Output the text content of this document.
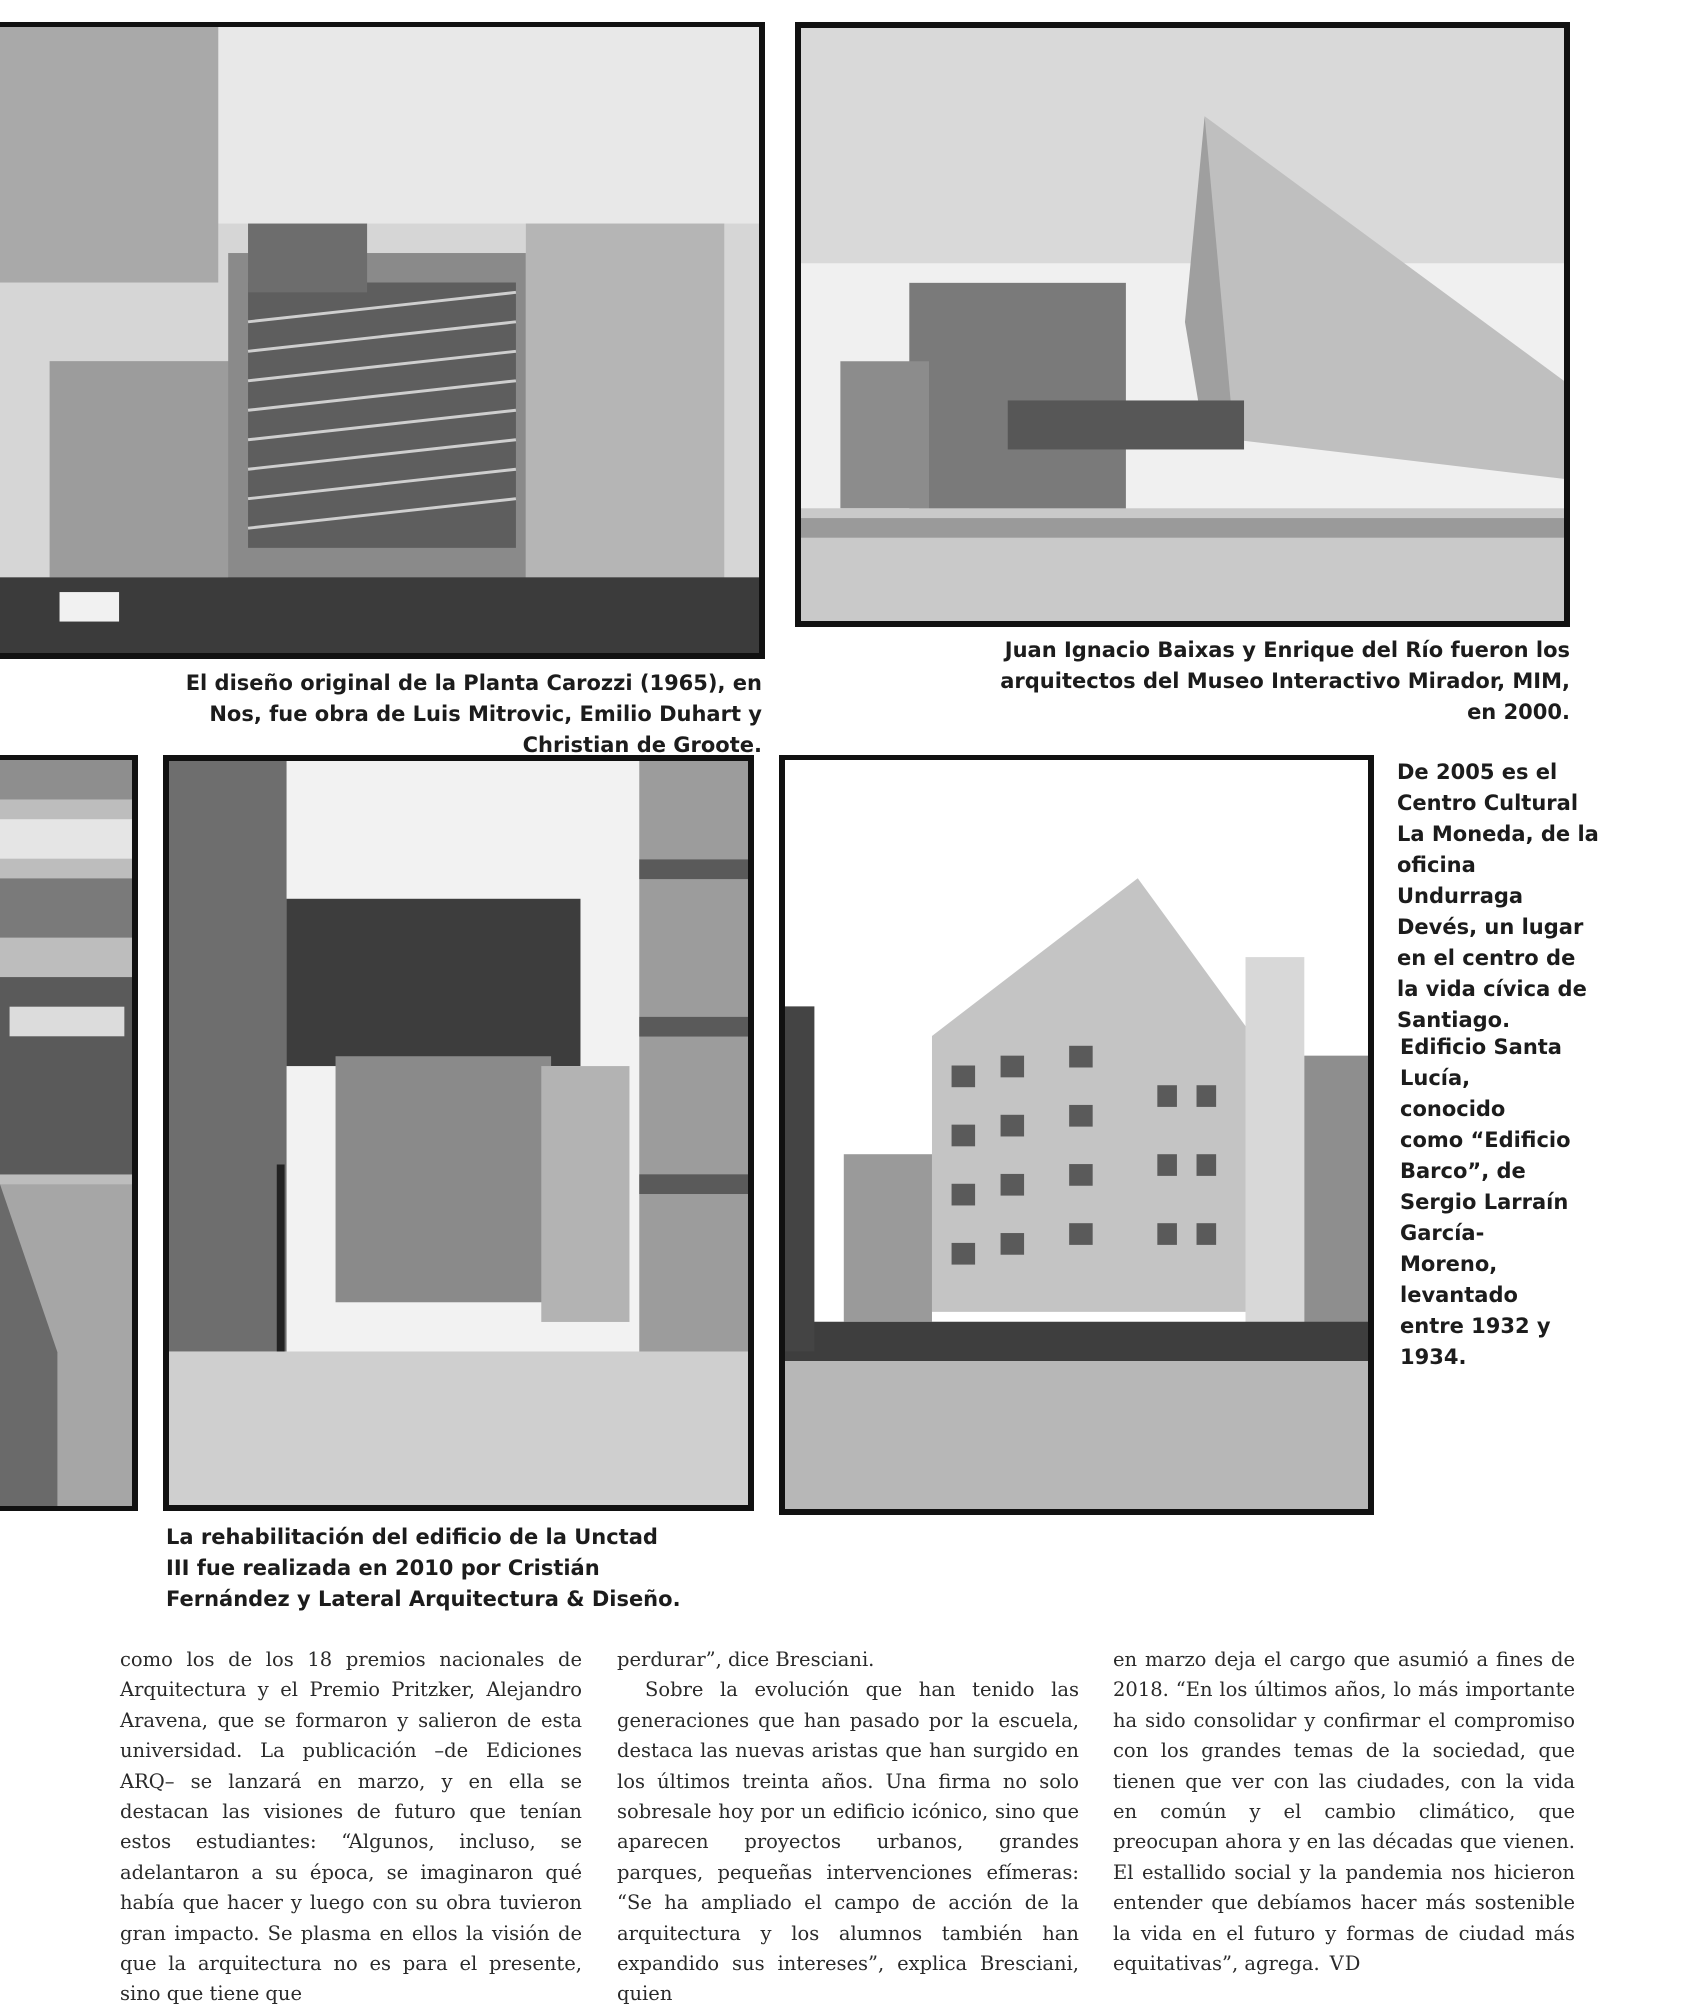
El diseño original de la Planta Carozzi (1965), en Nos, fue obra de Luis Mitrovic, Emilio Duhart y Christian de Groote.
Juan Ignacio Baixas y Enrique del Río fueron los arquitectos del Museo Interactivo Mirador, MIM, en 2000.
De 2005 es el Centro Cultural La Moneda, de la oficina Undurraga Devés, un lugar en el centro de la vida cívica de Santiago.
Edificio Santa Lucía, conocido como “Edificio Barco”, de Sergio Larraín García-Moreno, levantado entre 1932 y 1934.
La rehabilitación del edificio de la Unctad III fue realizada en 2010 por Cristián Fernández y Lateral Arquitectura & Diseño.

como los de los 18 premios nacionales de Arquitectura y el Premio Pritzker, Alejandro Aravena, que se formaron y salieron de esta universidad. La publicación –de Ediciones ARQ– se lanzará en marzo, y en ella se destacan las visiones de futuro que tenían estos estudiantes: “Algunos, incluso, se adelantaron a su época, se imaginaron qué había que hacer y luego con su obra tuvieron gran impacto. Se plasma en ellos la visión de que la arquitectura no es para el presente, sino que tiene que

perdurar”, dice Bresciani.

Sobre la evolución que han tenido las generaciones que han pasado por la escuela, destaca las nuevas aristas que han surgido en los últimos treinta años. Una firma no solo sobresale hoy por un edificio icónico, sino que aparecen proyectos urbanos, grandes parques, pequeñas intervenciones efímeras: “Se ha ampliado el campo de acción de la arquitectura y los alumnos también han expandido sus intereses”, explica Bresciani, quien

en marzo deja el cargo que asumió a fines de 2018. “En los últimos años, lo más importante ha sido consolidar y confirmar el compromiso con los grandes temas de la sociedad, que tienen que ver con las ciudades, con la vida en común y el cambio climático, que preocupan ahora y en las décadas que vienen. El estallido social y la pandemia nos hicieron entender que debíamos hacer más sostenible la vida en el futuro y formas de ciudad más equitativas”, agrega. VD
